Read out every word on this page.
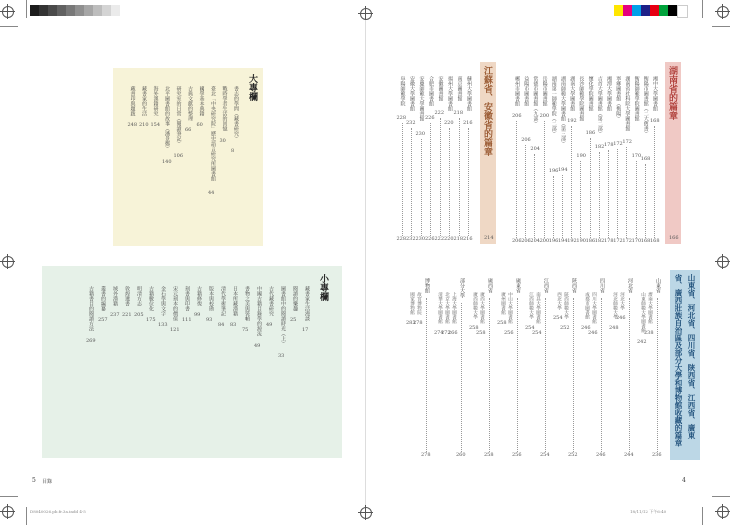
湖南省的篇章
166
湘中大學圖書館
168
168
衡陽市圖書館（二大舊書）
168
168
衡陽師範學院圖書館
170
170
湖南省社科院大學圖書館
172
172
寧鄉圖書館（衡陽）
172
172
湘潭大學圖書館
178
178
吉首大學圖書館（第二部）
182
182
懷化學院圖書館
186
186
長沙師範學院圖書館
190
190
湖南大學圖書館
192
192
湖南師範大學圖書館（第三部）
194
194
湖南第一師範學院（二部）
196
196
岳陽市圖書館
200
200
常德市圖書館（九部）
204
204
益陽市圖書館
206
206
郴州市圖書館
206
206
江蘇省、安徽省的篇章
214
蘇州大學圖書館
216
216
南京圖書館
218
218
揚州大學圖書館
220
220
安徽圖書館
222
222
合肥市圖書館
226
226
安慶師範大學圖書館
230
230
安徽大學圖書館
232
232
阜陽師範學院
228
228
山東省、河北省、四川省、陝西省、江西省、廣東省、廣西壯族自治區及部分大學和博物館收藏的篇章
山東省
236
濟南大學圖書館
238
山東師範大學圖書館
242
河北省
244
河北大學
246
河北師範大學
248
四川省
246
四川大學圖書館
246
成都市圖書館
246
陝西省
252
陝西師範大學
252
西北大學
254
江西省
254
南昌大學圖書館
254
江西師範大學
254
廣東省
256
中山大學圖書館
256
廣州圖書館
258
廣西省
258
廣西大學圖書館
258
廣西師範大學
258
部分大學
260
上海大學圖書館
266
北京大學圖書館
272
清華大學圖書館
274
博物館
278
故宮博物院
278
國家博物館
283
4
大專欄
書志的學問（藏書研究）
8
戰時學者生活的回憶
30
臺北「中央研究院」歷史語言研究所圖書館
44
國學基本典籍
60
古典文獻的整理
66
研究室的日常（閱讀筆記）
106
北平圖書館的故事（潘景鄭）
140
海外漢籍研究
154
藏書家的生活
210
藏書印與題跋
248
小專欄
藏書家生活漫談
17
閱讀的樂趣
25
圖書館中的閱讀時光（上）
33
古代藏書研究
49
中國古籍目錄學的源流
49
書物之美與裝幀
75
日本所藏漢籍
83
清代學術筆記
84
版本與校勘
93
古籍修復
99
刻書與印書
111
宋元刻本的價值
121
金石學與文字
133
古籍數位化
175
明清方志
205
敦煌遺書
221
域外漢籍
237
叢書的編纂
257
古籍書目的閱讀方法
269
5 目錄
D8040026.pb.fr.3a.indd 4-5	18/11/12 下午6:40
